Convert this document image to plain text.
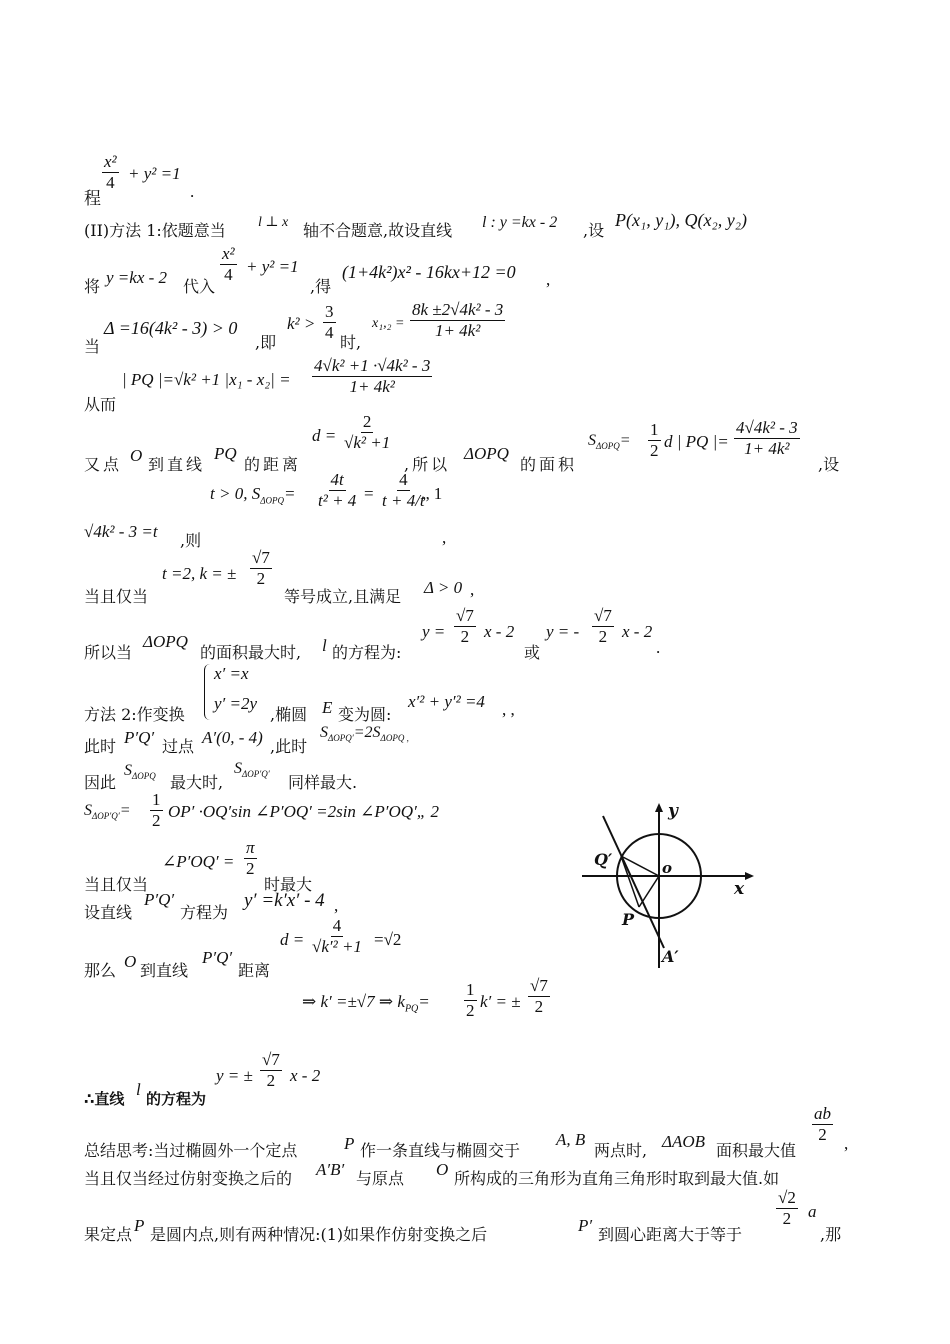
程
$\frac{\text{x²}}{4} + y^2 =1$
.
(II)方法 1:依题意当 l ⊥ x 轴不合题意,故设直线 l : y =kx - 2 ,设
P(x₁, y₁), Q(x₂, y₂)
将 y =kx - 2 代入
$\frac{\text{x²}}{4} + y^2 =1$
,得
(1+4k²)x² - 16kx+12 =0 ,
当
Δ =16(4k² - 3) > 0
,即
$k^2 > \frac{3}{4}$ 时,
$x_1,_2 = \frac{\text{8k ±2√4k² - 3}}{\text{1+ 4k²}}$
从而
| PQ |=√k² +1 $|x_1 - x_2| = \frac{\text{4√k² +1 ·√4k² - 3}}{\text{1+ 4k²}}$
又点 O 到直线
PQ
的距离
$d = \frac{2}{\text{√k² +1}}$
,所以
ΔOPQ
的面积
$S_{\Delta OPQ}= \frac{1}{2}$ d | PQ |= $\frac{\text{4√4k² - 3}}{\text{1+ 4k²}}$
,设
t > 0, $S_{\Delta OPQ}= \frac{4t}{\text{t² + 4}} = \frac{4}{t + 4/t}$
„ 1
√4k² - 3 =t ,则	,
当且仅当
t =2, k = ± $\frac{√7}{2}$
等号成立,且满足 Δ > 0 ,
所以当
ΔOPQ
的面积最大时, l 的方程为:
$y = \frac{√7}{2}$ x - 2
或
y = - $\frac{√7}{2}$ x - 2
.
方法 2:作变换
x′ =x
y′ =2y
,椭圆 E 变为圆:
x′² + y′² =4 , ,
此时 P′Q′ 过点 A′(0, - 4) ,此时
$S_{\Delta OPQ'}=2S_{\Delta OPQ ,}$
因此
$S_{\Delta OPQ}$ 最大时,
$S_{\Delta OP'Q'}$ 同样最大.
$S_{\Delta OP'Q'}= \frac{1}{2} OP' \cdot OQ'\sin$ ∠P′OQ′ =2sin ∠P′OQ′„ 2
当且仅当
∠P′OQ′ = $\frac{\pi}{2}$
时最大
设直线
P′Q′
方程为
y′ =k′x′ - 4 ,
那么 O 到直线
P′Q′
距离
$d = \frac{4}{\text{√k′² +1}} =√2$
⇒ k′ =±√7 ⇒ $k_{PQ}= \frac{1}{2} k'$ = ± $\frac{√7}{2}$
∴直线 l 的方程为
y = ± $\frac{√7}{2}$ x - 2
总结思考:当过椭圆外一个定点	P 作一条直线与椭圆交于
A, B
两点时, ΔAOB 面积最大值
$\frac{ab}{2}$ ,
当且仅当经过仿射变换之后的 A′B′ 与原点 O 所构成的三角形为直角三角形时取到最大值.如
果定点 P 是圆内点,则有两种情况:(1)如果作仿射变换之后	P′ 到圆心距离大于等于
$\frac{√2}{2}$ a
,那
y
x
o
Q′
P
A′
